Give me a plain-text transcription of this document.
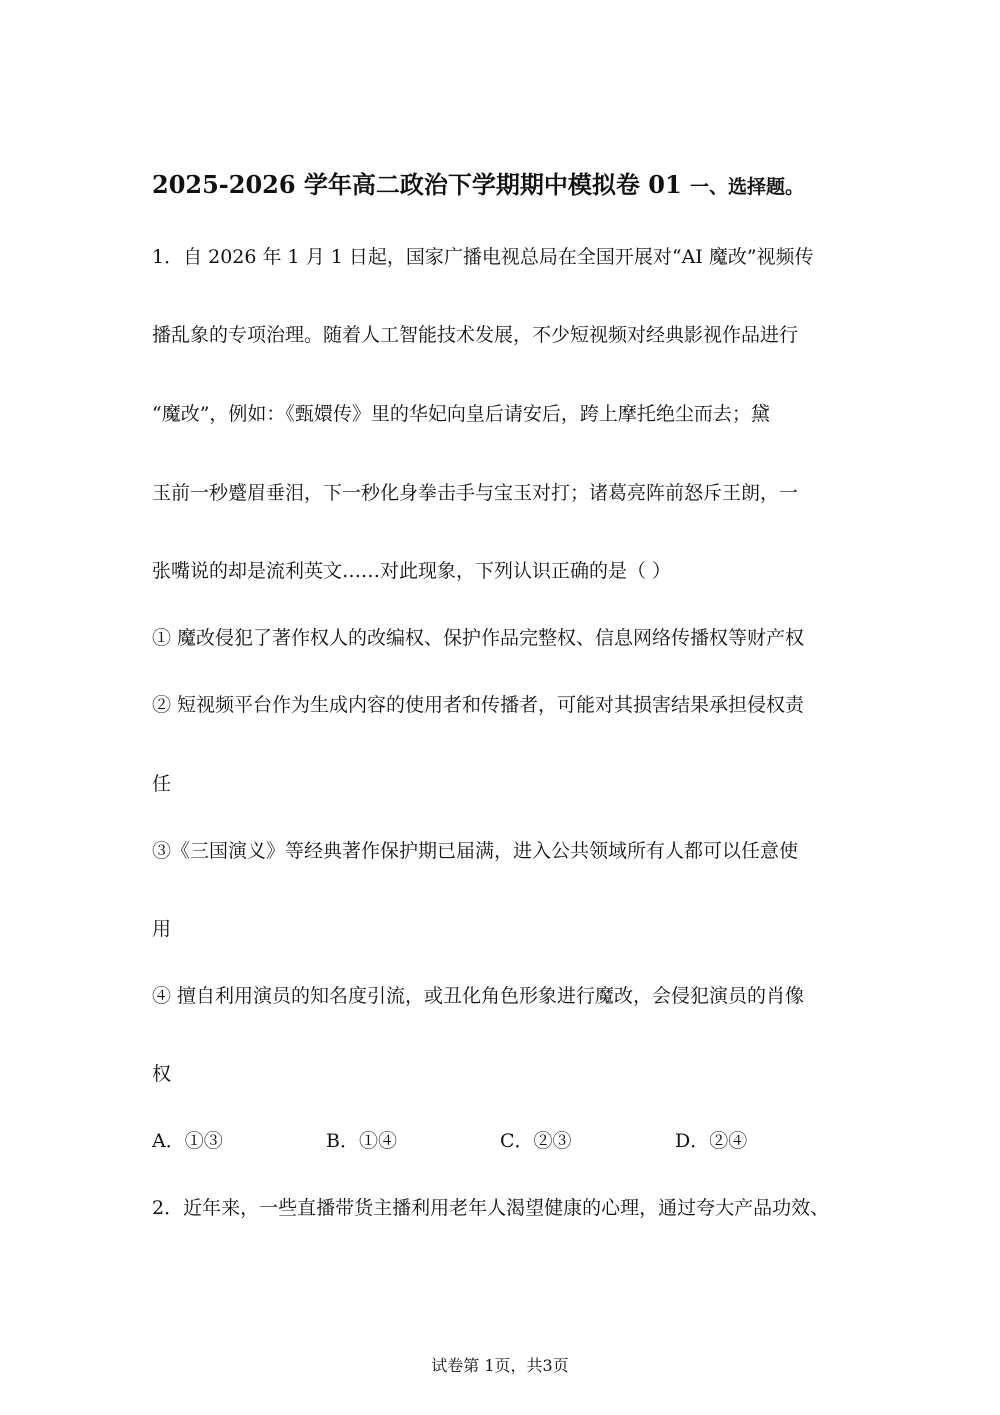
2025-2026 学年高二政治下学期期中模拟卷 01 一、选择题。
1．自 2026 年 1 月 1 日起，国家广播电视总局在全国开展对“AI 魔改”视频传
播乱象的专项治理。随着人工智能技术发展，不少短视频对经典影视作品进行
“魔改”，例如：《甄嬛传》里的华妃向皇后请安后，跨上摩托绝尘而去；黛
玉前一秒蹙眉垂泪，下一秒化身拳击手与宝玉对打；诸葛亮阵前怒斥王朗，一
张嘴说的却是流利英文……对此现象，下列认识正确的是（ ）
① 魔改侵犯了著作权人的改编权、保护作品完整权、信息网络传播权等财产权
② 短视频平台作为生成内容的使用者和传播者，可能对其损害结果承担侵权责
任
③《三国演义》等经典著作保护期已届满，进入公共领域所有人都可以任意使
用
④ 擅自利用演员的知名度引流，或丑化角色形象进行魔改，会侵犯演员的肖像
权
A．①③	B．①④	C．②③	D．②④
2．近年来，一些直播带货主播利用老年人渴望健康的心理，通过夸大产品功效、
试卷第 1页，共3页
